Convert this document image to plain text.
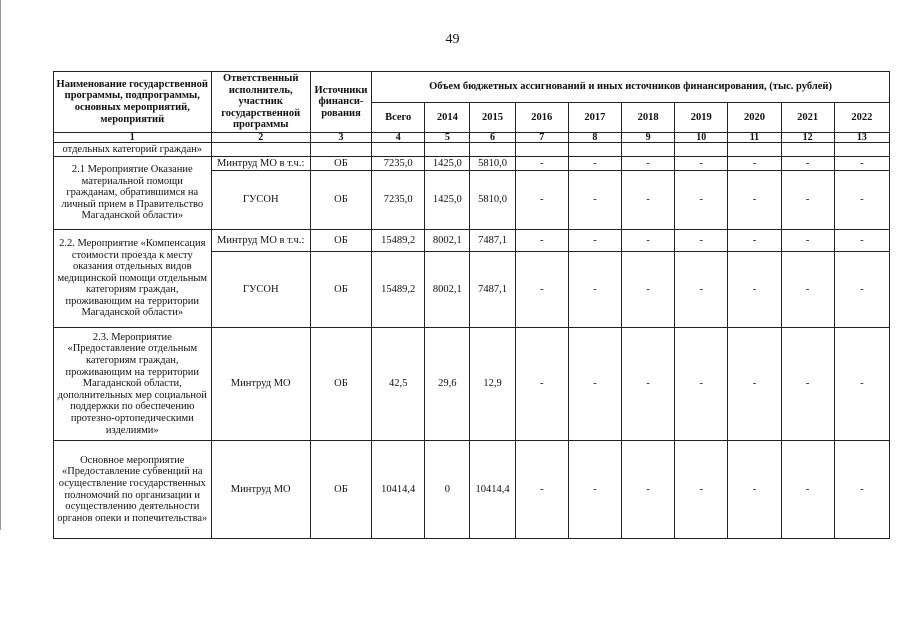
49
Наименование государственной программы, подпрограммы, основных мероприятий, мероприятий	Ответственный исполнитель, участник государственной программы	Источники финанси-рования	Объем бюджетных ассигнований и иных источников финансирования, (тыс. рублей)									
			Всего	2014	2015	2016	2017	2018	2019	2020	2021	2022
1	2	3	4	5	6	7	8	9	10	11	12	13
отдельных категорий граждан»												
2.1 Мероприятие Оказание материальной помощи гражданам, обратившимся на личный прием в Правительство Магаданской области»	Минтруд МО в т.ч.:	ОБ	7235,0	1425,0	5810,0	-	-	-	-	-	-	-
	ГУСОН	ОБ	7235,0	1425,0	5810,0	-	-	-	-	-	-	-
2.2. Мероприятие «Компенсация стоимости проезда к месту оказания отдельных видов медицинской помощи отдельным категориям граждан, проживающим на территории Магаданской области»	Минтруд МО в т.ч.:	ОБ	15489,2	8002,1	7487,1	-	-	-	-	-	-	-
	ГУСОН	ОБ	15489,2	8002,1	7487,1	-	-	-	-	-	-	-
2.3. Мероприятие «Предоставление отдельным категориям граждан, проживающим на территории Магаданской области, дополнительных мер социальной поддержки по обеспечению протезно-ортопедическими изделиями»	Минтруд МО	ОБ	42,5	29,6	12,9	-	-	-	-	-	-	-
Основное мероприятие «Предоставление субвенций на осуществление государственных полномочий по организации и осуществлению деятельности органов опеки и попечительства»	Минтруд МО	ОБ	10414,4	0	10414,4	-	-	-	-	-	-	-
